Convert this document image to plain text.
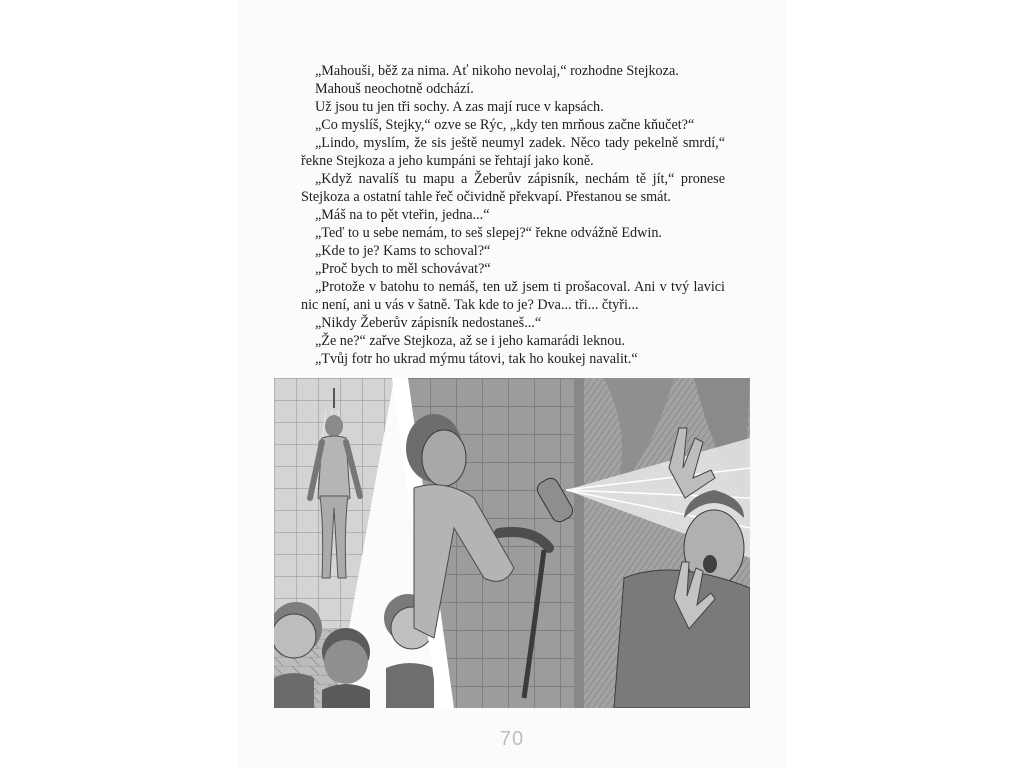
„Mahouši, běž za nima. Ať nikoho nevolaj,“ rozhodne Stejkoza.

Mahouš neochotně odchází.

Už jsou tu jen tři sochy. A zas mají ruce v kapsách.

„Co myslíš, Stejky,“ ozve se Rýc, „kdy ten mrňous začne kňučet?“

„Lindo, myslím, že sis ještě neumyl zadek. Něco tady pekelně smrdí,“ řekne Stejkoza a jeho kumpáni se řehtají jako koně.

„Když navalíš tu mapu a Žeberův zápisník, nechám tě jít,“ pronese Stejkoza a ostatní tahle řeč očividně překvapí. Přestanou se smát.

„Máš na to pět vteřin, jedna...“

„Teď to u sebe nemám, to seš slepej?“ řekne odvážně Edwin.

„Kde to je? Kams to schoval?“

„Proč bych to měl schovávat?“

„Protože v batohu to nemáš, ten už jsem ti prošacoval. Ani v tvý lavici nic není, ani u vás v šatně. Tak kde to je? Dva... tři... čtyři...

„Nikdy Žeberův zápisník nedostaneš...“

„Že ne?“ zařve Stejkoza, až se i jeho kamarádi leknou.

„Tvůj fotr ho ukrad mýmu tátovi, tak ho koukej navalit.“

70
